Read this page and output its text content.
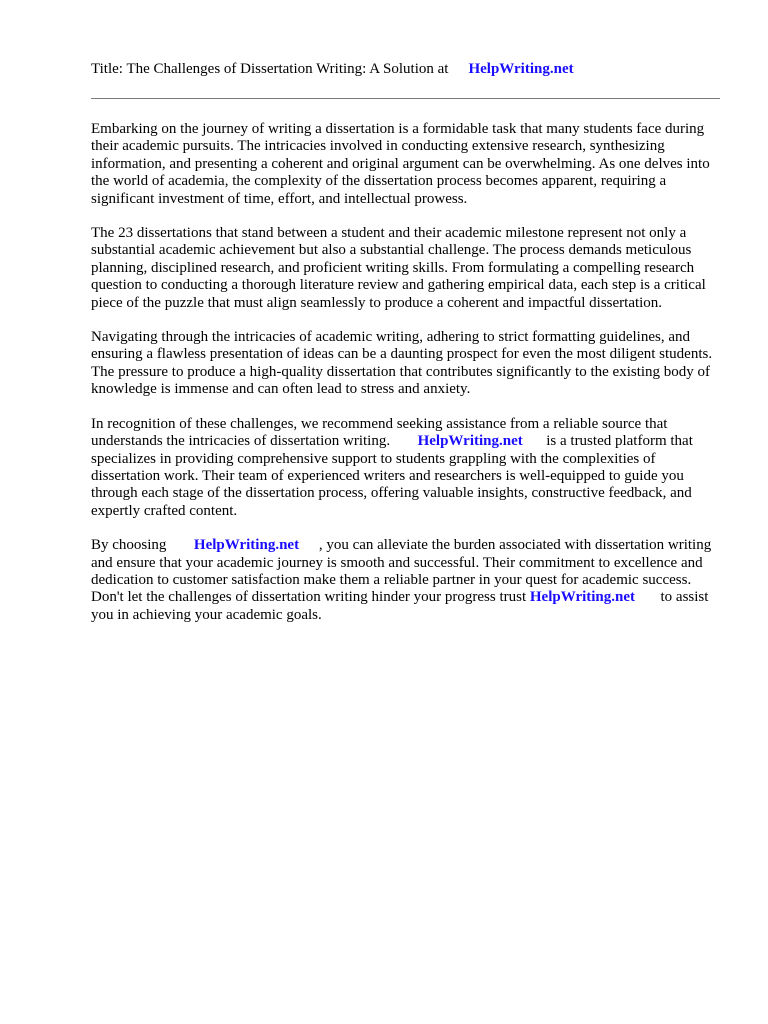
Title: The Challenges of Dissertation Writing: A Solution at HelpWriting.net

Embarking on the journey of writing a dissertation is a formidable task that many students face during their academic pursuits. The intricacies involved in conducting extensive research, synthesizing information, and presenting a coherent and original argument can be overwhelming. As one delves into the world of academia, the complexity of the dissertation process becomes apparent, requiring a significant investment of time, effort, and intellectual prowess.

The 23 dissertations that stand between a student and their academic milestone represent not only a substantial academic achievement but also a substantial challenge. The process demands meticulous planning, disciplined research, and proficient writing skills. From formulating a compelling research question to conducting a thorough literature review and gathering empirical data, each step is a critical piece of the puzzle that must align seamlessly to produce a coherent and impactful dissertation.

Navigating through the intricacies of academic writing, adhering to strict formatting guidelines, and ensuring a flawless presentation of ideas can be a daunting prospect for even the most diligent students. The pressure to produce a high-quality dissertation that contributes significantly to the existing body of knowledge is immense and can often lead to stress and anxiety.

In recognition of these challenges, we recommend seeking assistance from a reliable source that understands the intricacies of dissertation writing. HelpWriting.net is a trusted platform that specializes in providing comprehensive support to students grappling with the complexities of dissertation work. Their team of experienced writers and researchers is well-equipped to guide you through each stage of the dissertation process, offering valuable insights, constructive feedback, and expertly crafted content.

By choosing HelpWriting.net , you can alleviate the burden associated with dissertation writing and ensure that your academic journey is smooth and successful. Their commitment to excellence and dedication to customer satisfaction make them a reliable partner in your quest for academic success. Don't let the challenges of dissertation writing hinder your progress trust HelpWriting.net to assist you in achieving your academic goals.
